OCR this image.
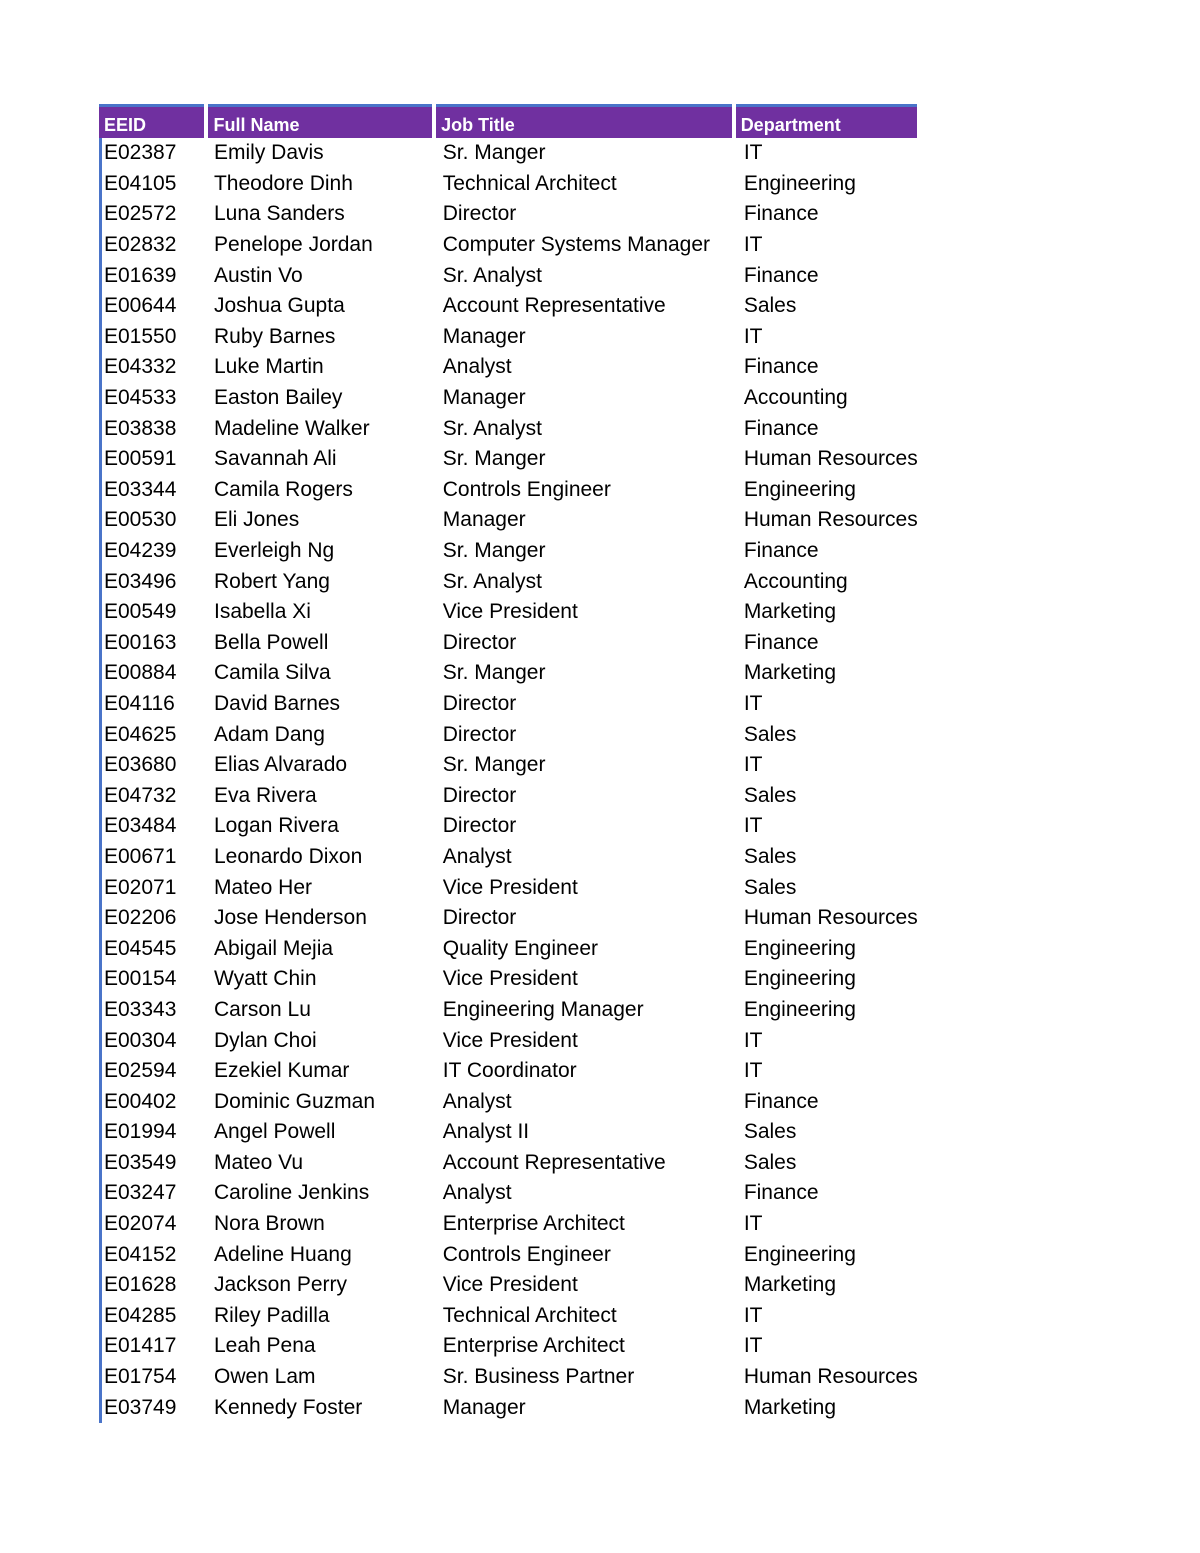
EEID	Full Name	Job Title	Department
E02387	Emily Davis	Sr. Manger	IT
E04105	Theodore Dinh	Technical Architect	Engineering
E02572	Luna Sanders	Director	Finance
E02832	Penelope Jordan	Computer Systems Manager	IT
E01639	Austin Vo	Sr. Analyst	Finance
E00644	Joshua Gupta	Account Representative	Sales
E01550	Ruby Barnes	Manager	IT
E04332	Luke Martin	Analyst	Finance
E04533	Easton Bailey	Manager	Accounting
E03838	Madeline Walker	Sr. Analyst	Finance
E00591	Savannah Ali	Sr. Manger	Human Resources
E03344	Camila Rogers	Controls Engineer	Engineering
E00530	Eli Jones	Manager	Human Resources
E04239	Everleigh Ng	Sr. Manger	Finance
E03496	Robert Yang	Sr. Analyst	Accounting
E00549	Isabella Xi	Vice President	Marketing
E00163	Bella Powell	Director	Finance
E00884	Camila Silva	Sr. Manger	Marketing
E04116	David Barnes	Director	IT
E04625	Adam Dang	Director	Sales
E03680	Elias Alvarado	Sr. Manger	IT
E04732	Eva Rivera	Director	Sales
E03484	Logan Rivera	Director	IT
E00671	Leonardo Dixon	Analyst	Sales
E02071	Mateo Her	Vice President	Sales
E02206	Jose Henderson	Director	Human Resources
E04545	Abigail Mejia	Quality Engineer	Engineering
E00154	Wyatt Chin	Vice President	Engineering
E03343	Carson Lu	Engineering Manager	Engineering
E00304	Dylan Choi	Vice President	IT
E02594	Ezekiel Kumar	IT Coordinator	IT
E00402	Dominic Guzman	Analyst	Finance
E01994	Angel Powell	Analyst II	Sales
E03549	Mateo Vu	Account Representative	Sales
E03247	Caroline Jenkins	Analyst	Finance
E02074	Nora Brown	Enterprise Architect	IT
E04152	Adeline Huang	Controls Engineer	Engineering
E01628	Jackson Perry	Vice President	Marketing
E04285	Riley Padilla	Technical Architect	IT
E01417	Leah Pena	Enterprise Architect	IT
E01754	Owen Lam	Sr. Business Partner	Human Resources
E03749	Kennedy Foster	Manager	Marketing
